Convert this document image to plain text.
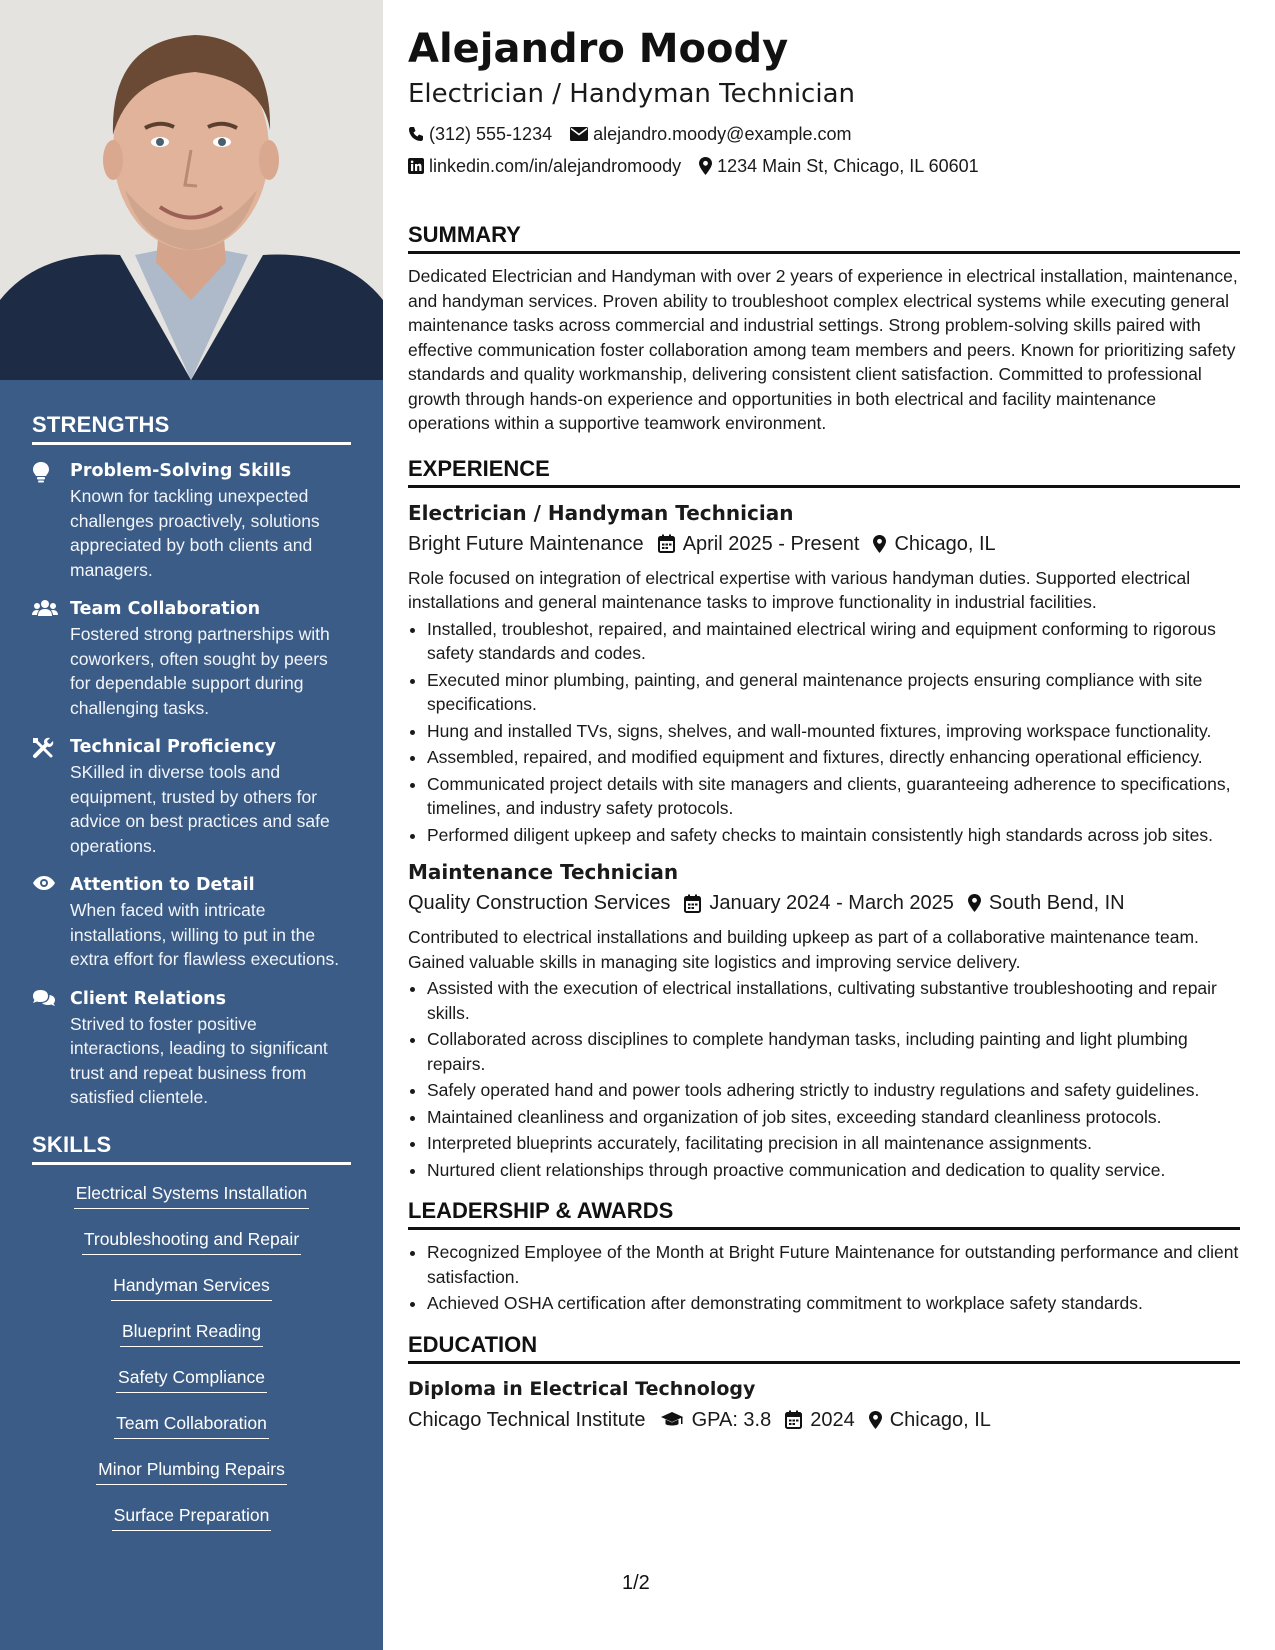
STRENGTHS
Problem-Solving Skills
Known for tackling unexpected challenges proactively, solutions appreciated by both clients and managers.
Team Collaboration
Fostered strong partnerships with coworkers, often sought by peers for dependable support during challenging tasks.
Technical Proficiency
SKilled in diverse tools and equipment, trusted by others for advice on best practices and safe operations.
Attention to Detail
When faced with intricate installations, willing to put in the extra effort for flawless executions.
Client Relations
Strived to foster positive interactions, leading to significant trust and repeat business from satisfied clientele.
SKILLS
Electrical Systems Installation
Troubleshooting and Repair
Handyman Services
Blueprint Reading
Safety Compliance
Team Collaboration
Minor Plumbing Repairs
Surface Preparation
Alejandro Moody
Electrician / Handyman Technician
(312) 555-1234 alejandro.moody@example.com
linkedin.com/in/alejandromoody 1234 Main St, Chicago, IL 60601
SUMMARY

Dedicated Electrician and Handyman with over 2 years of experience in electrical installation, maintenance, and handyman services. Proven ability to troubleshoot complex electrical systems while executing general maintenance tasks across commercial and industrial settings. Strong problem-solving skills paired with effective communication foster collaboration among team members and peers. Known for prioritizing safety standards and quality workmanship, delivering consistent client satisfaction. Committed to professional growth through hands-on experience and opportunities in both electrical and facility maintenance operations within a supportive teamwork environment.

EXPERIENCE
Electrician / Handyman Technician
Bright Future Maintenance April 2025 - Present Chicago, IL

Role focused on integration of electrical expertise with various handyman duties. Supported electrical installations and general maintenance tasks to improve functionality in industrial facilities.

• Installed, troubleshot, repaired, and maintained electrical wiring and equipment conforming to rigorous safety standards and codes.
• Executed minor plumbing, painting, and general maintenance projects ensuring compliance with site specifications.
• Hung and installed TVs, signs, shelves, and wall-mounted fixtures, improving workspace functionality.
• Assembled, repaired, and modified equipment and fixtures, directly enhancing operational efficiency.
• Communicated project details with site managers and clients, guaranteeing adherence to specifications, timelines, and industry safety protocols.
• Performed diligent upkeep and safety checks to maintain consistently high standards across job sites.
Maintenance Technician
Quality Construction Services January 2024 - March 2025 South Bend, IN

Contributed to electrical installations and building upkeep as part of a collaborative maintenance team. Gained valuable skills in managing site logistics and improving service delivery.

• Assisted with the execution of electrical installations, cultivating substantive troubleshooting and repair skills.
• Collaborated across disciplines to complete handyman tasks, including painting and light plumbing repairs.
• Safely operated hand and power tools adhering strictly to industry regulations and safety guidelines.
• Maintained cleanliness and organization of job sites, exceeding standard cleanliness protocols.
• Interpreted blueprints accurately, facilitating precision in all maintenance assignments.
• Nurtured client relationships through proactive communication and dedication to quality service.
LEADERSHIP & AWARDS
• Recognized Employee of the Month at Bright Future Maintenance for outstanding performance and client satisfaction.
• Achieved OSHA certification after demonstrating commitment to workplace safety standards.
EDUCATION
Diploma in Electrical Technology
Chicago Technical Institute GPA: 3.8 2024 Chicago, IL
1/2
